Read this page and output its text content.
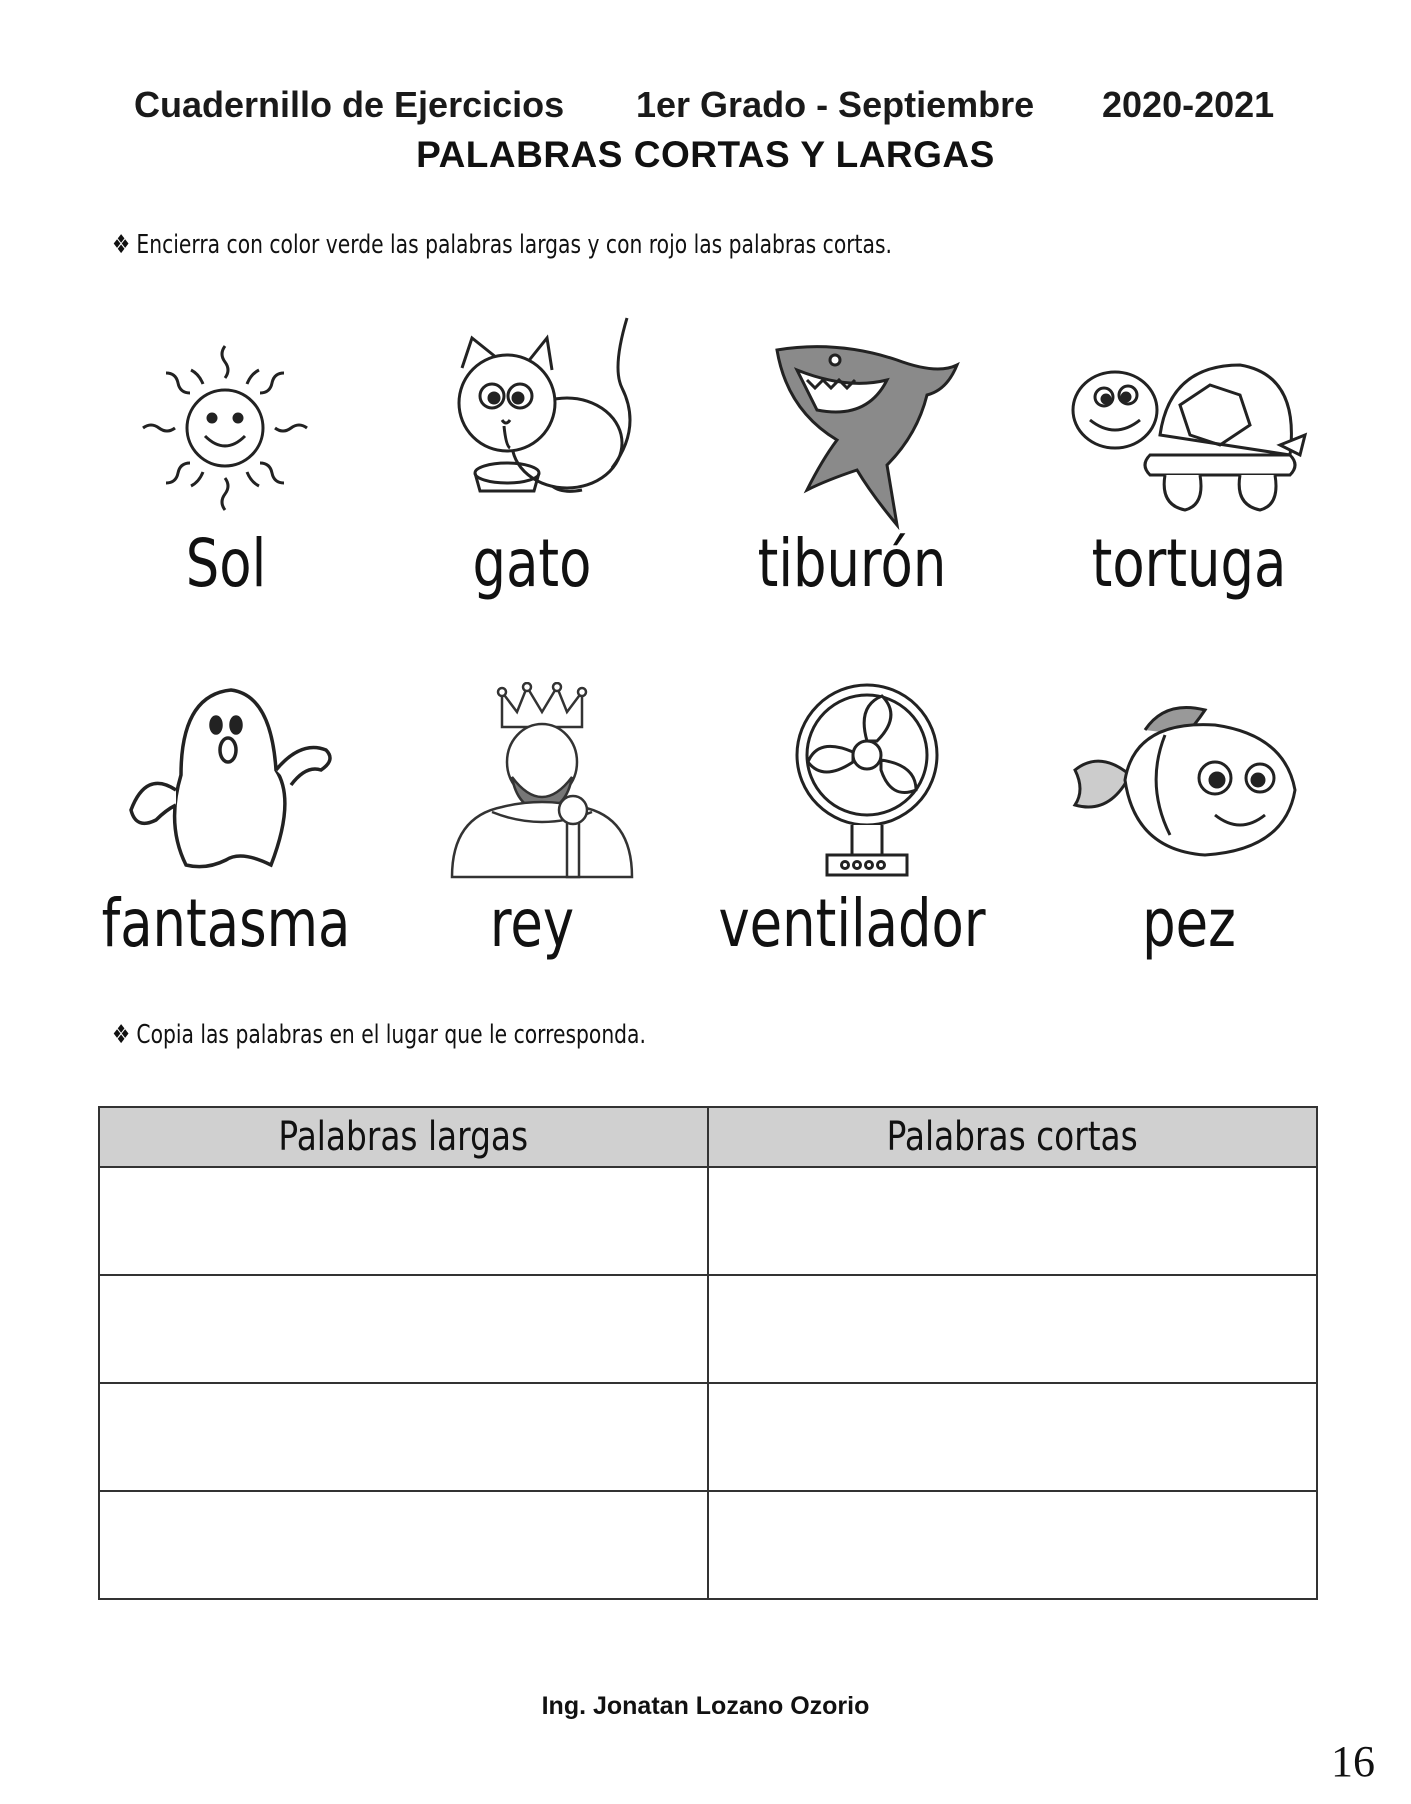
Cuadernillo de Ejercicios 1er Grado - Septiembre 2020-2021
PALABRAS CORTAS Y LARGAS
❖ Encierra con color verde las palabras largas y con rojo las palabras cortas.
Sol	gato	tiburón	tortuga
fantasma	rey	ventilador	pez
❖ Copia las palabras en el lugar que le corresponda.
Palabras largas	Palabras cortas

Ing. Jonatan Lozano Ozorio
16
